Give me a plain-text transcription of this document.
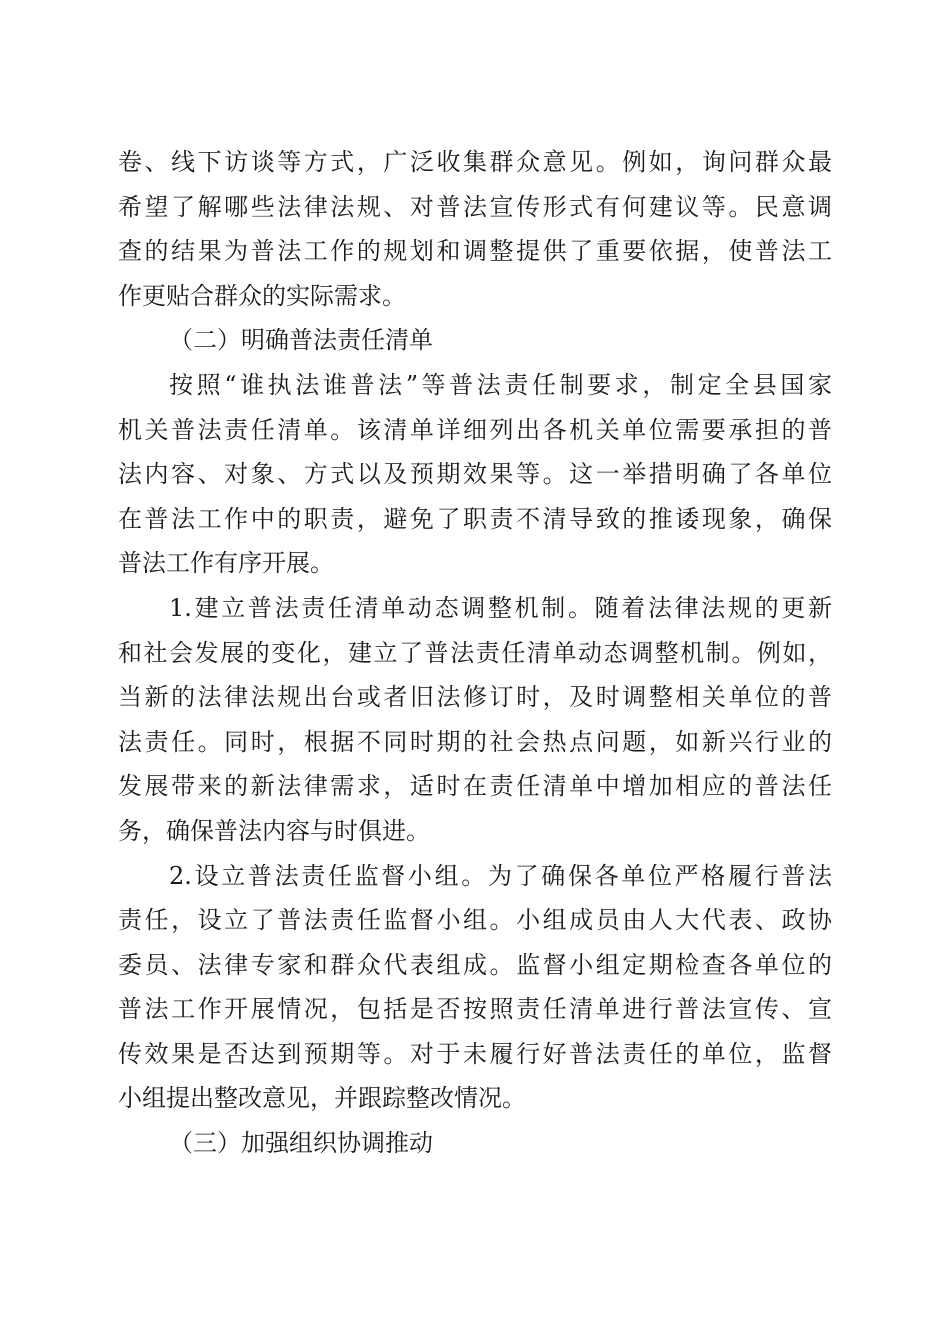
卷、线下访谈等方式，广泛收集群众意见。例如，询问群众最
希望了解哪些法律法规、对普法宣传形式有何建议等。民意调
查的结果为普法工作的规划和调整提供了重要依据，使普法工
作更贴合群众的实际需求。
（二）明确普法责任清单
按照“谁执法谁普法”等普法责任制要求，制定全县国家
机关普法责任清单。该清单详细列出各机关单位需要承担的普
法内容、对象、方式以及预期效果等。这一举措明确了各单位
在普法工作中的职责，避免了职责不清导致的推诿现象，确保
普法工作有序开展。
1.建立普法责任清单动态调整机制。随着法律法规的更新
和社会发展的变化，建立了普法责任清单动态调整机制。例如，
当新的法律法规出台或者旧法修订时，及时调整相关单位的普
法责任。同时，根据不同时期的社会热点问题，如新兴行业的
发展带来的新法律需求，适时在责任清单中增加相应的普法任
务，确保普法内容与时俱进。
2.设立普法责任监督小组。为了确保各单位严格履行普法
责任，设立了普法责任监督小组。小组成员由人大代表、政协
委员、法律专家和群众代表组成。监督小组定期检查各单位的
普法工作开展情况，包括是否按照责任清单进行普法宣传、宣
传效果是否达到预期等。对于未履行好普法责任的单位，监督
小组提出整改意见，并跟踪整改情况。
（三）加强组织协调推动
